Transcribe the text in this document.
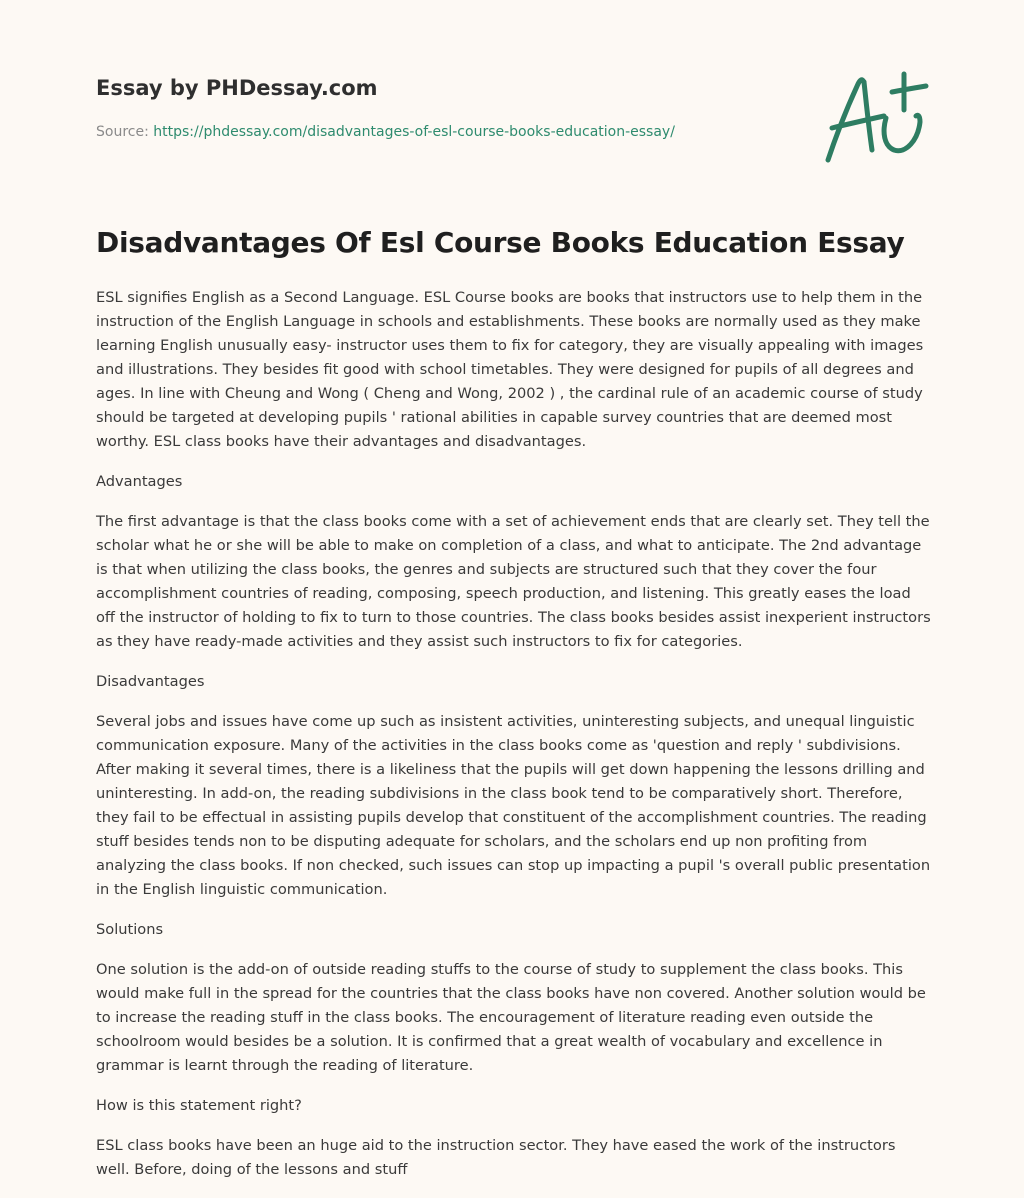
Essay by PHDessay.com
Source: https://phdessay.com/disadvantages-of-esl-course-books-education-essay/
Disadvantages Of Esl Course Books Education Essay

ESL signifies English as a Second Language. ESL Course books are books that instructors use to help them in the instruction of the English Language in schools and establishments. These books are normally used as they make learning English unusually easy- instructor uses them to fix for category, they are visually appealing with images and illustrations. They besides fit good with school timetables. They were designed for pupils of all degrees and ages. In line with Cheung and Wong ( Cheng and Wong, 2002 ) , the cardinal rule of an academic course of study should be targeted at developing pupils ' rational abilities in capable survey countries that are deemed most worthy. ESL class books have their advantages and disadvantages.

Advantages

The first advantage is that the class books come with a set of achievement ends that are clearly set. They tell the scholar what he or she will be able to make on completion of a class, and what to anticipate. The 2nd advantage is that when utilizing the class books, the genres and subjects are structured such that they cover the four accomplishment countries of reading, composing, speech production, and listening. This greatly eases the load off the instructor of holding to fix to turn to those countries. The class books besides assist inexperient instructors as they have ready-made activities and they assist such instructors to fix for categories.

Disadvantages

Several jobs and issues have come up such as insistent activities, uninteresting subjects, and unequal linguistic communication exposure. Many of the activities in the class books come as 'question and reply ' subdivisions. After making it several times, there is a likeliness that the pupils will get down happening the lessons drilling and uninteresting. In add-on, the reading subdivisions in the class book tend to be comparatively short. Therefore, they fail to be effectual in assisting pupils develop that constituent of the accomplishment countries. The reading stuff besides tends non to be disputing adequate for scholars, and the scholars end up non profiting from analyzing the class books. If non checked, such issues can stop up impacting a pupil 's overall public presentation in the English linguistic communication.

Solutions

One solution is the add-on of outside reading stuffs to the course of study to supplement the class books. This would make full in the spread for the countries that the class books have non covered. Another solution would be to increase the reading stuff in the class books. The encouragement of literature reading even outside the schoolroom would besides be a solution. It is confirmed that a great wealth of vocabulary and excellence in grammar is learnt through the reading of literature.

How is this statement right?

ESL class books have been an huge aid to the instruction sector. They have eased the work of the instructors well. Before, doing of the lessons and stuff
